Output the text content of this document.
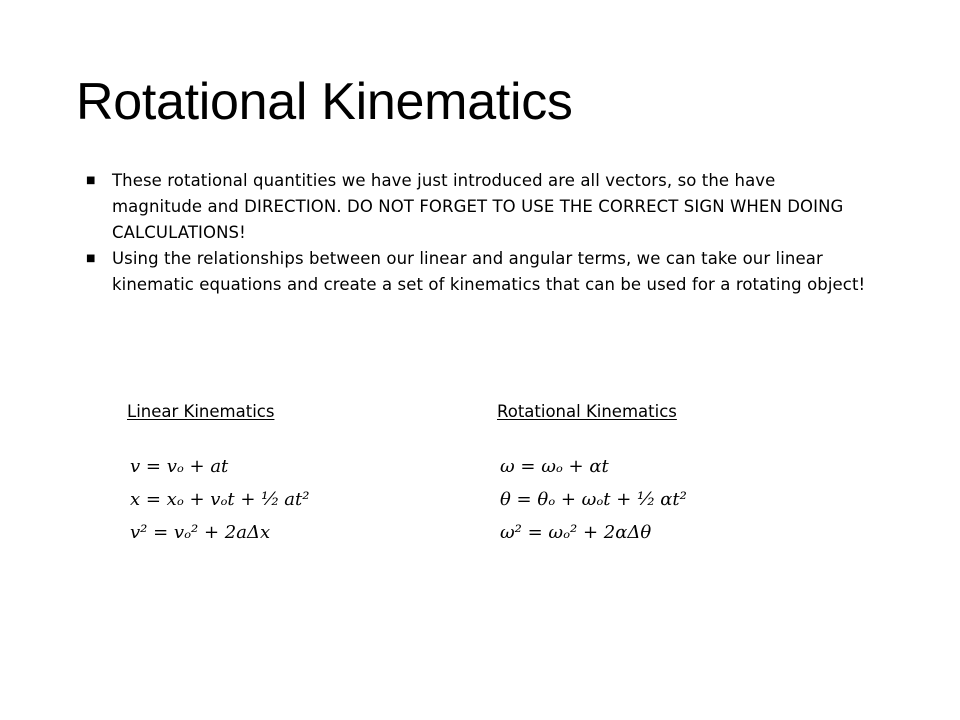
Rotational Kinematics
■	These rotational quantities we have just introduced are all vectors, so the have magnitude and DIRECTION. DO NOT FORGET TO USE THE CORRECT SIGN WHEN DOING CALCULATIONS!
■	Using the relationships between our linear and angular terms, we can take our linear kinematic equations and create a set of kinematics that can be used for a rotating object!
Linear Kinematics
𝑣 = 𝑣ₒ + 𝑎𝑡
𝑥 = 𝑥ₒ + 𝑣ₒ𝑡 + ¹⁄₂ 𝑎𝑡²
𝑣² = 𝑣ₒ² + 2𝑎Δ𝑥
Rotational Kinematics
𝜔 = 𝜔ₒ + 𝛼𝑡
𝜃 = 𝜃ₒ + 𝜔ₒ𝑡 + ¹⁄₂ 𝛼𝑡²
𝜔² = 𝜔ₒ² + 2𝛼Δ𝜃
